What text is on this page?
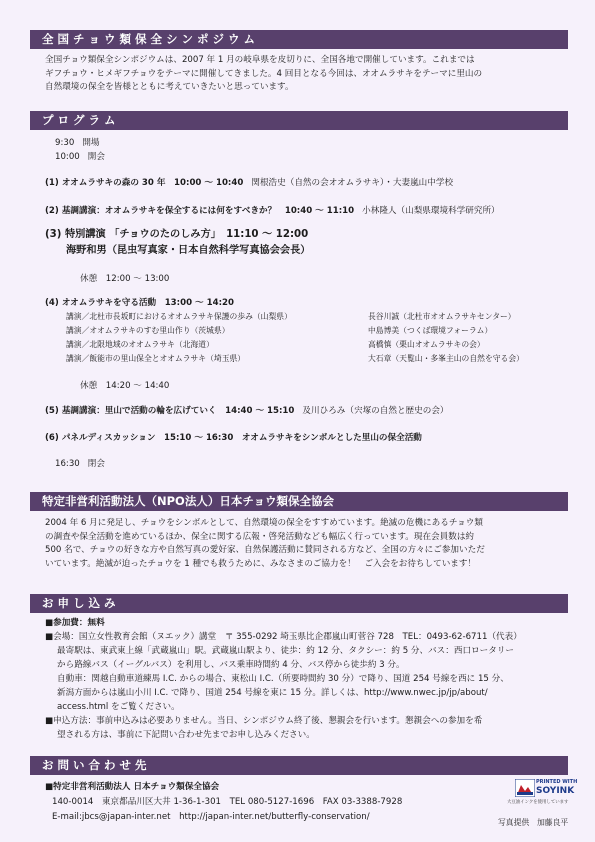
全 国 チ ョ ウ 類 保 全 シ ン ポ ジ ウ ム
全国チョウ類保全シンポジウムは、2007 年 1 月の岐阜県を皮切りに、全国各地で開催しています。これまでは
ギフチョウ・ヒメギフチョウをテーマに開催してきました。4 回目となる今回は、オオムラサキをテーマに里山の
自然環境の保全を皆様とともに考えていきたいと思っています。
プ ロ グ ラ ム
9:30 開場
10:00 開会
(1) オオムラサキの森の 30 年　10:00 ～ 10:40 関根浩史（自然の会オオムラサキ）・大妻嵐山中学校
(2) 基調講演：オオムラサキを保全するには何をすべきか？　10:40 ～ 11:10 小林隆人（山梨県環境科学研究所）
(3) 特別講演 「チョウのたのしみ方」　11:10 ～ 12:00
海野和男（昆虫写真家・日本自然科学写真協会会長）
休憩　12:00 ～ 13:00
(4) オオムラサキを守る活動　13:00 ～ 14:20
講演／北杜市長坂町におけるオオムラサキ保護の歩み（山梨県）	長谷川誠（北杜市オオムラサキセンター）
講演／オオムラサキのすむ里山作り（茨城県）	中島博美（つくば環境フォーラム）
講演／北限地域のオオムラサキ（北海道）	高橋慎（栗山オオムラサキの会）
講演／飯能市の里山保全とオオムラサキ（埼玉県）	大石章（天覧山・多峯主山の自然を守る会）
休憩　14:20 ～ 14:40
(5) 基調講演：里山で活動の輪を広げていく　14:40 ～ 15:10 及川ひろみ（宍塚の自然と歴史の会）
(6) パネルディスカッション　15:10 ～ 16:30　オオムラサキをシンボルとした里山の保全活動
16:30 閉会
特定非営利活動法人（NPO法人）日本チョウ類保全協会
2004 年 6 月に発足し、チョウをシンボルとして、自然環境の保全をすすめています。絶滅の危機にあるチョウ類
の調査や保全活動を進めているほか、保全に関する広報・啓発活動なども幅広く行っています。現在会員数は約
500 名で、チョウの好きな方や自然写真の愛好家、自然保護活動に賛同される方など、全国の方々にご参加いただ
いています。絶滅が迫ったチョウを 1 種でも救うために、みなさまのご協力を！　ご入会をお待ちしています！
お 申 し 込 み
■参加費：無料
■会場：国立女性教育会館（ヌエック）講堂　〒 355-0292 埼玉県比企郡嵐山町菅谷 728　TEL：0493-62-6711（代表）
最寄駅は、東武東上線「武蔵嵐山」駅。武蔵嵐山駅より、徒歩：約 12 分、タクシー：約 5 分、バス：西口ロータリー
から路線バス（イーグルバス）を利用し、バス乗車時間約 4 分、バス停から徒歩約 3 分。
自動車：関越自動車道練馬 I.C. からの場合、東松山 I.C.（所要時間約 30 分）で降り、国道 254 号線を西に 15 分、
新潟方面からは嵐山小川 I.C. で降り、国道 254 号線を東に 15 分。詳しくは、http://www.nwec.jp/jp/about/
access.html をご覧ください。
■申込方法：事前申込みは必要ありません。当日、シンポジウム終了後、懇親会を行います。懇親会への参加を希
望される方は、事前に下記問い合わせ先までお申し込みください。
お 問 い 合 わ せ 先
■特定非営利活動法人 日本チョウ類保全協会
140-0014　東京都品川区大井 1-36-1-301　TEL 080-5127-1696　FAX 03-3388-7928
E-mail:jbcs@japan-inter.net　http://japan-inter.net/butterfly-conservation/
PRINTED WITH
SOYINK
大豆油インクを使用しています
写真提供　加藤良平
